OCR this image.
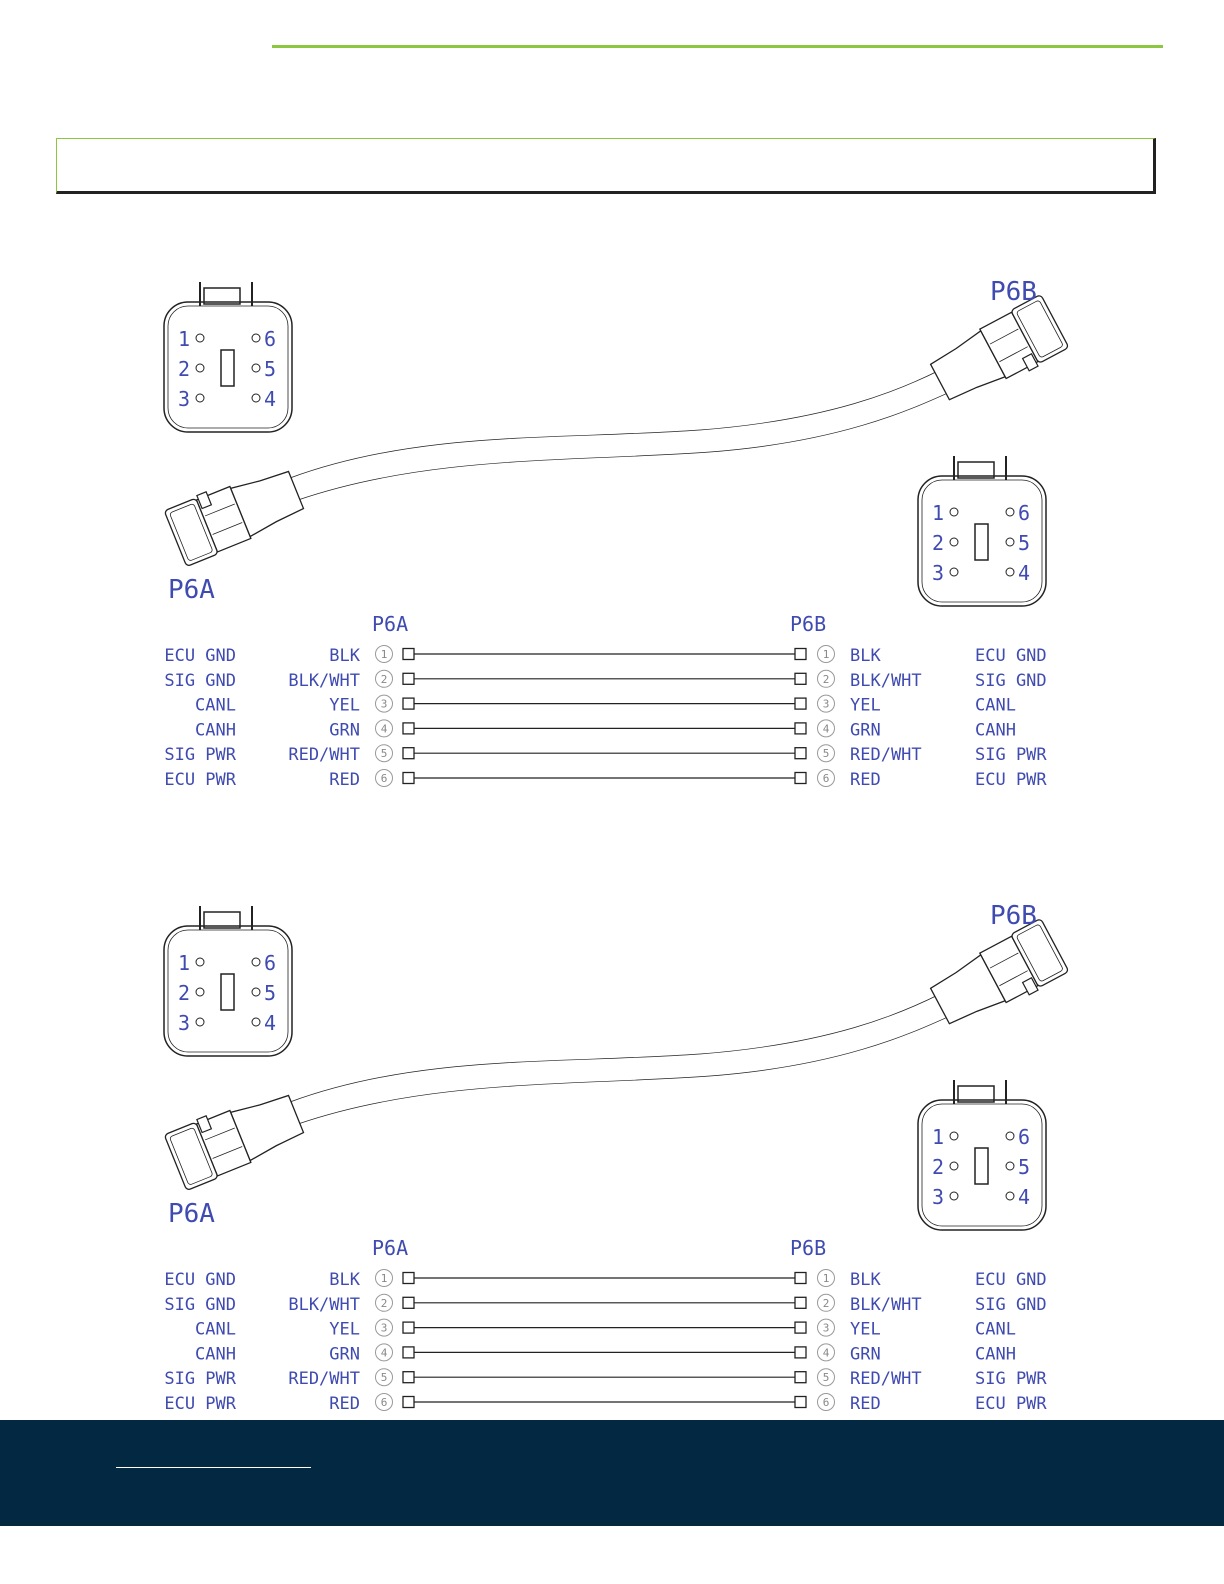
1	6
2	5
3	4
1	6
2	5
3	4
P6A
P6B
P6A	P6B
ECU GND	BLK 1	1 BLK	ECU GND
SIG GND	BLK/WHT 2	2 BLK/WHT	SIG GND
CANL	YEL 3	3 YEL	CANL
CANH	GRN 4	4 GRN	CANH
SIG PWR	RED/WHT 5	5 RED/WHT	SIG PWR
ECU PWR	RED 6	6 RED	ECU PWR
1	6
2	5
3	4
1	6
2	5
3	4
P6A
P6B
P6A	P6B
ECU GND	BLK 1	1 BLK	ECU GND
SIG GND	BLK/WHT 2	2 BLK/WHT	SIG GND
CANL	YEL 3	3 YEL	CANL
CANH	GRN 4	4 GRN	CANH
SIG PWR	RED/WHT 5	5 RED/WHT	SIG PWR
ECU PWR	RED 6	6 RED	ECU PWR
